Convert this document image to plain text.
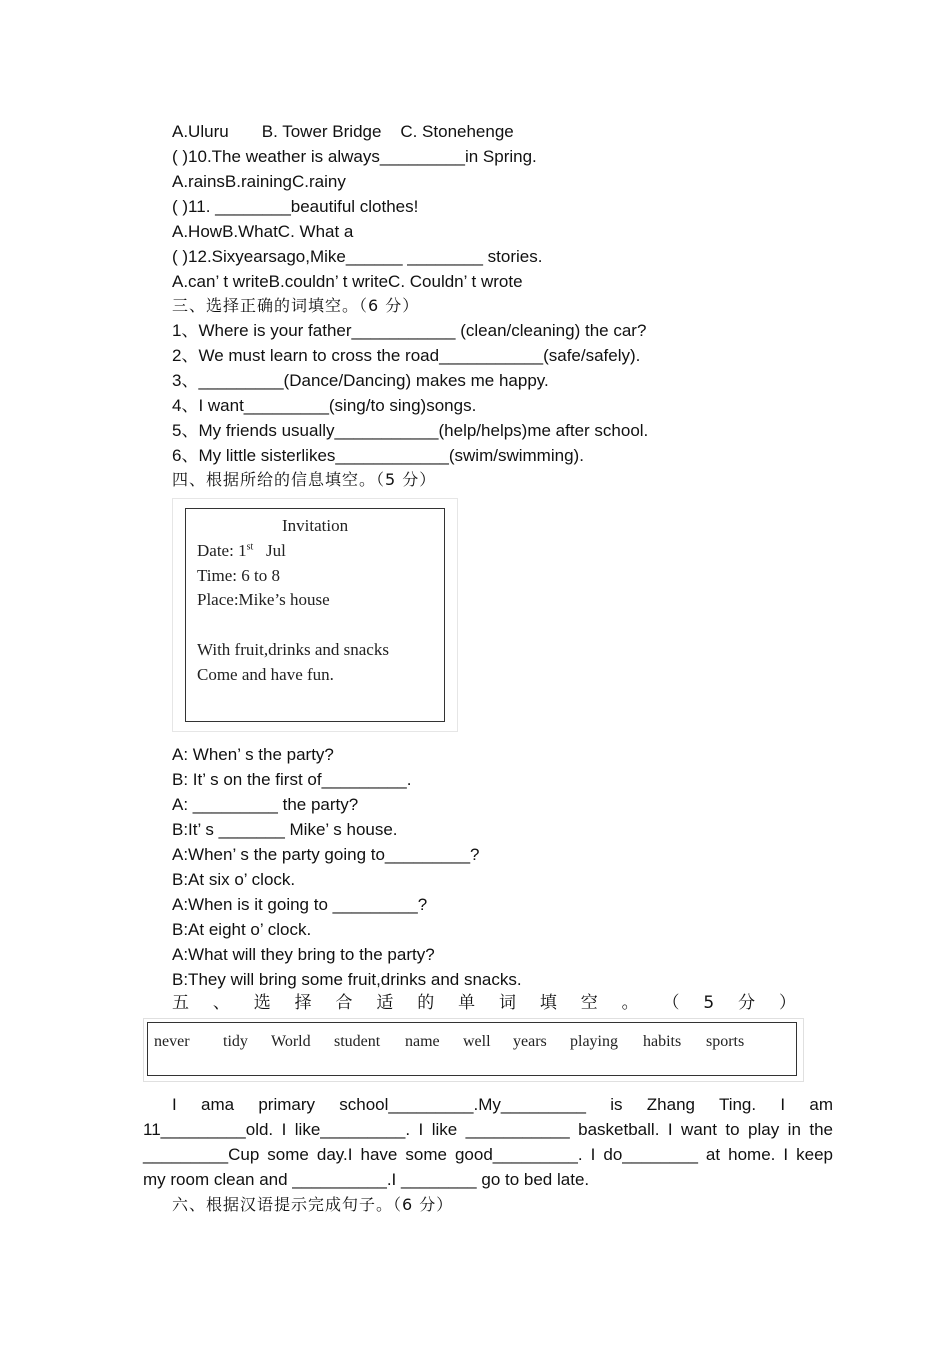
A.Uluru       B. Tower Bridge    C. Stonehenge
( )10.The weather is always_________in Spring.
A.rainsB.rainingC.rainy
( )11. ________beautiful clothes!
A.HowB.WhatC. What a
( )12.Sixyearsago,Mike______ ________ stories.
A.can’ t writeB.couldn’ t writeC. Couldn’ t wrote
三、选择正确的词填空。（6 分）
1、Where is your father___________ (clean/cleaning) the car?
2、We must learn to cross the road___________(safe/safely).
3、_________(Dance/Dancing) makes me happy.
4、I want_________(sing/to sing)songs.
5、My friends usually___________(help/helps)me after school.
6、My little sisterlikes____________(swim/swimming).
四、根据所给的信息填空。（5 分）
Invitation
Date: 1st Jul
Time: 6 to 8
Place:Mike’s house
With fruit,drinks and snacks
Come and have fun.
A: When’ s the party?
B: It’ s on the first of_________.
A: _________ the party?
B:It’ s _______ Mike’ s house.
A:When’ s the party going to_________?
B:At six o’ clock.
A:When is it going to _________?
B:At eight o’ clock.
A:What will they bring to the party?
B:They will bring some fruit,drinks and snacks.
五 、 选 择 合 适 的 单 词 填 空 。 （ 5 分 ）
never tidy World student name well years playing habits sports
I ama primary school_________.My_________ is Zhang Ting. I am
11_________old. I like_________. I like ___________ basketball. I want to play in the
_________Cup some day.I have some good_________. I do________ at home. I keep
my room clean and __________.I ________ go to bed late.
六、根据汉语提示完成句子。（6 分）
